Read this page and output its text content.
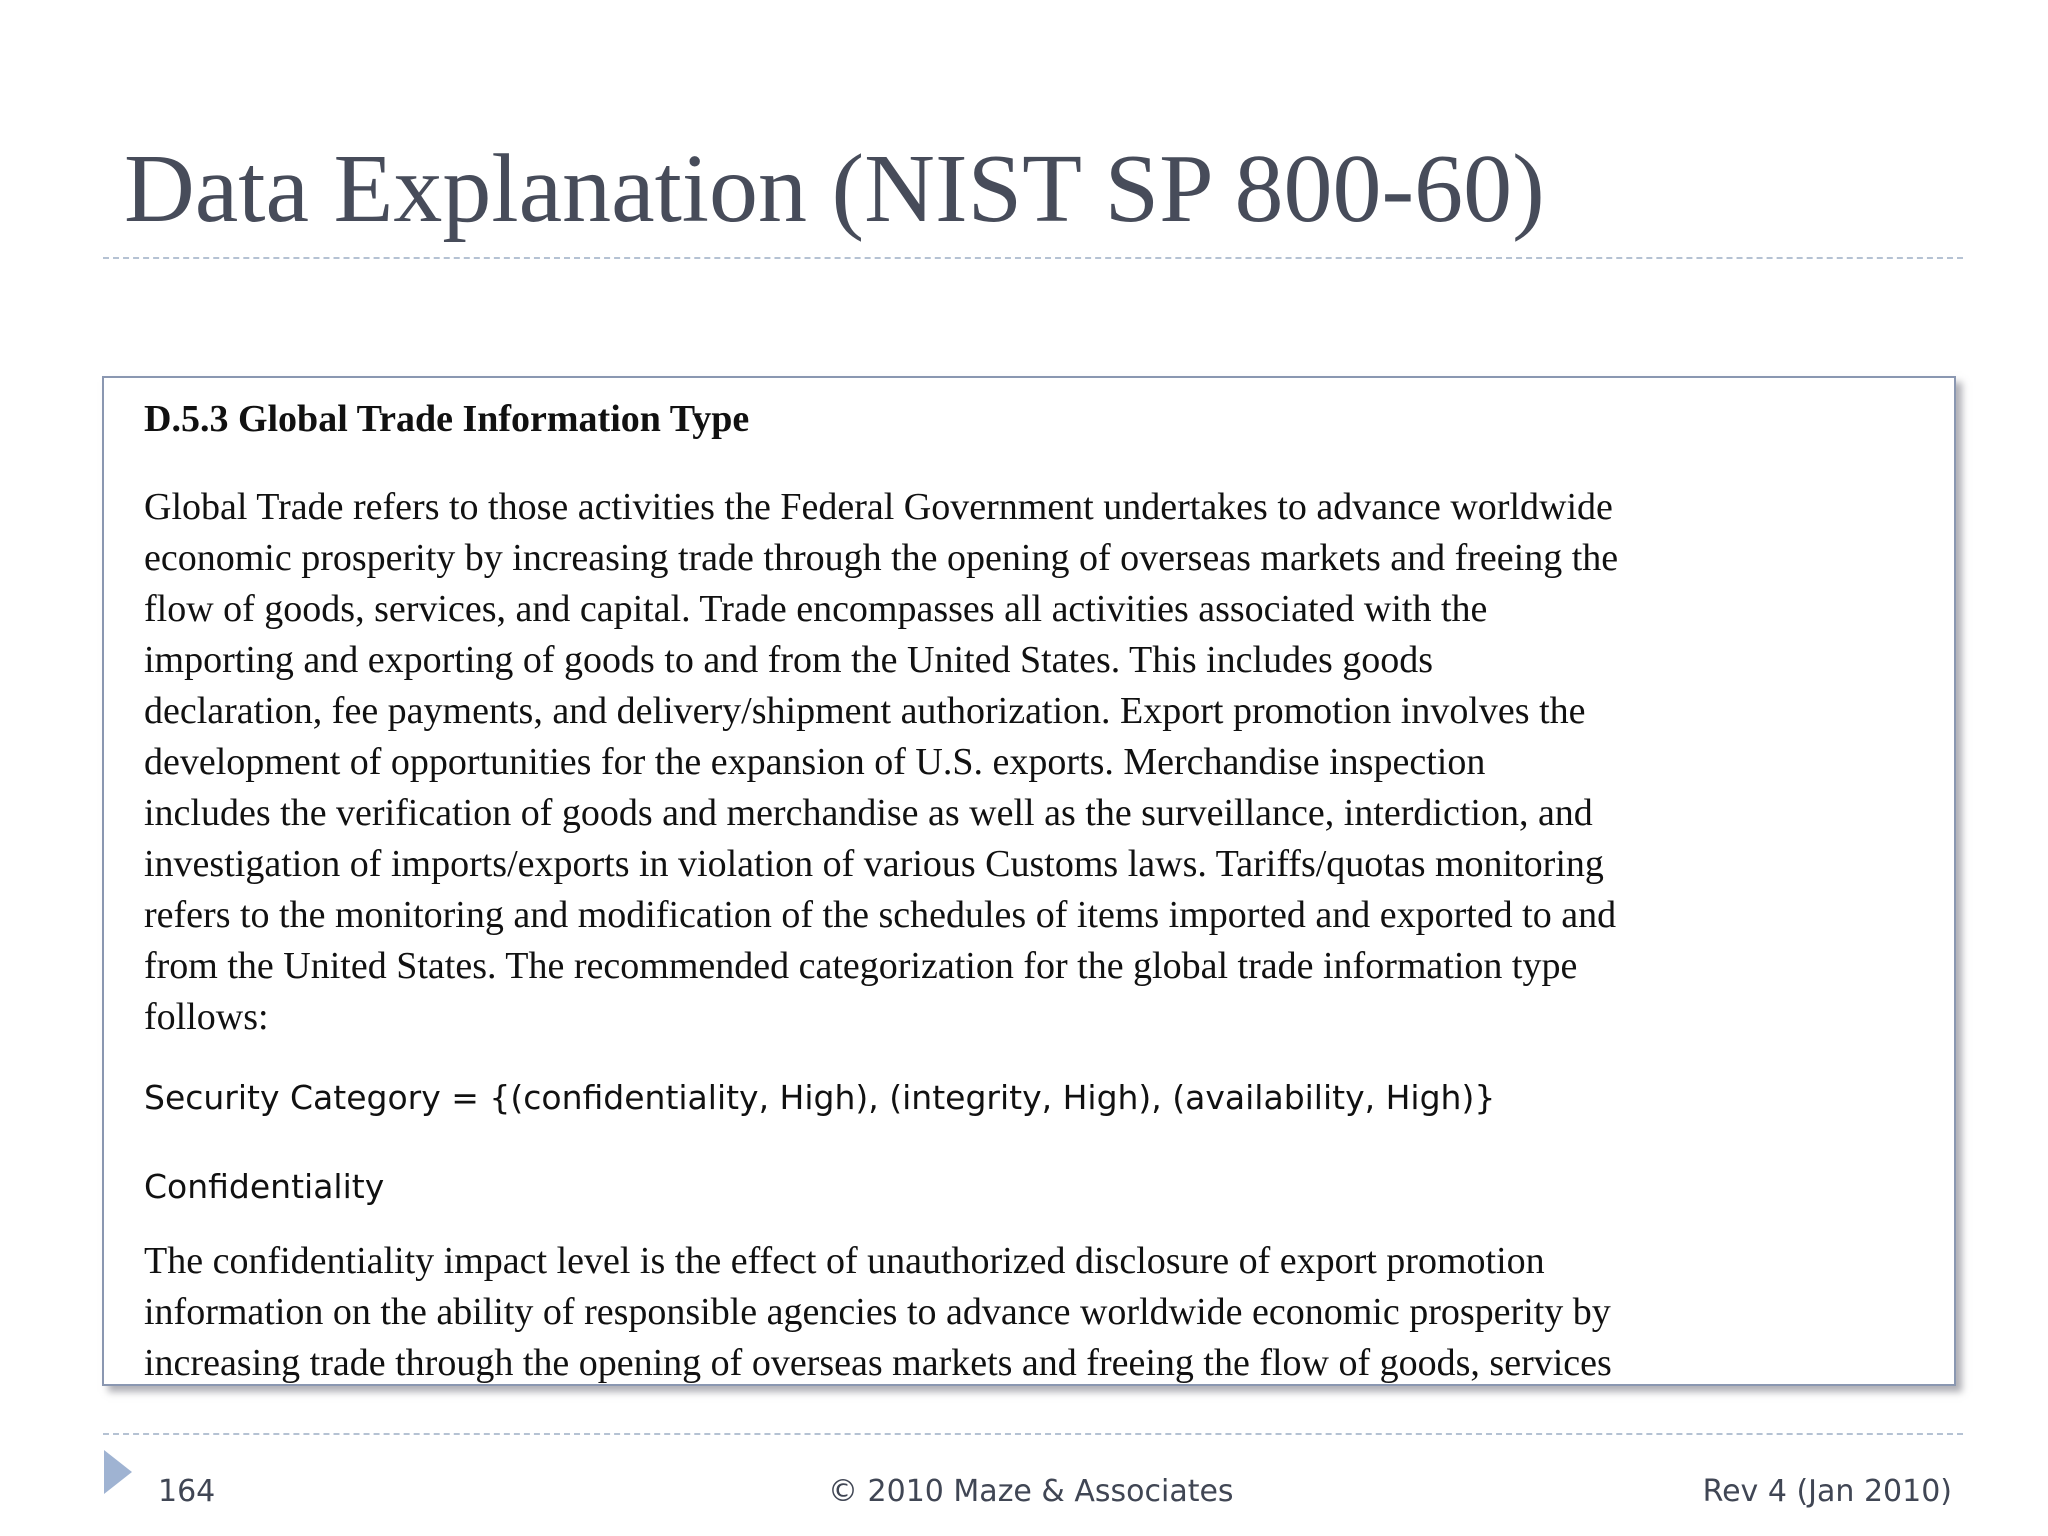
Data Explanation (NIST SP 800-60)
D.5.3 Global Trade Information Type

Global Trade refers to those activities the Federal Government undertakes to advance worldwide
economic prosperity by increasing trade through the opening of overseas markets and freeing the
flow of goods, services, and capital. Trade encompasses all activities associated with the
importing and exporting of goods to and from the United States. This includes goods
declaration, fee payments, and delivery/shipment authorization. Export promotion involves the
development of opportunities for the expansion of U.S. exports. Merchandise inspection
includes the verification of goods and merchandise as well as the surveillance, interdiction, and
investigation of imports/exports in violation of various Customs laws. Tariffs/quotas monitoring
refers to the monitoring and modification of the schedules of items imported and exported to and
from the United States. The recommended categorization for the global trade information type
follows:

Security Category = {(confidentiality, High), (integrity, High), (availability, High)}

Confidentiality

The confidentiality impact level is the effect of unauthorized disclosure of export promotion
information on the ability of responsible agencies to advance worldwide economic prosperity by
increasing trade through the opening of overseas markets and freeing the flow of goods, services

164	© 2010 Maze & Associates	Rev 4 (Jan 2010)
